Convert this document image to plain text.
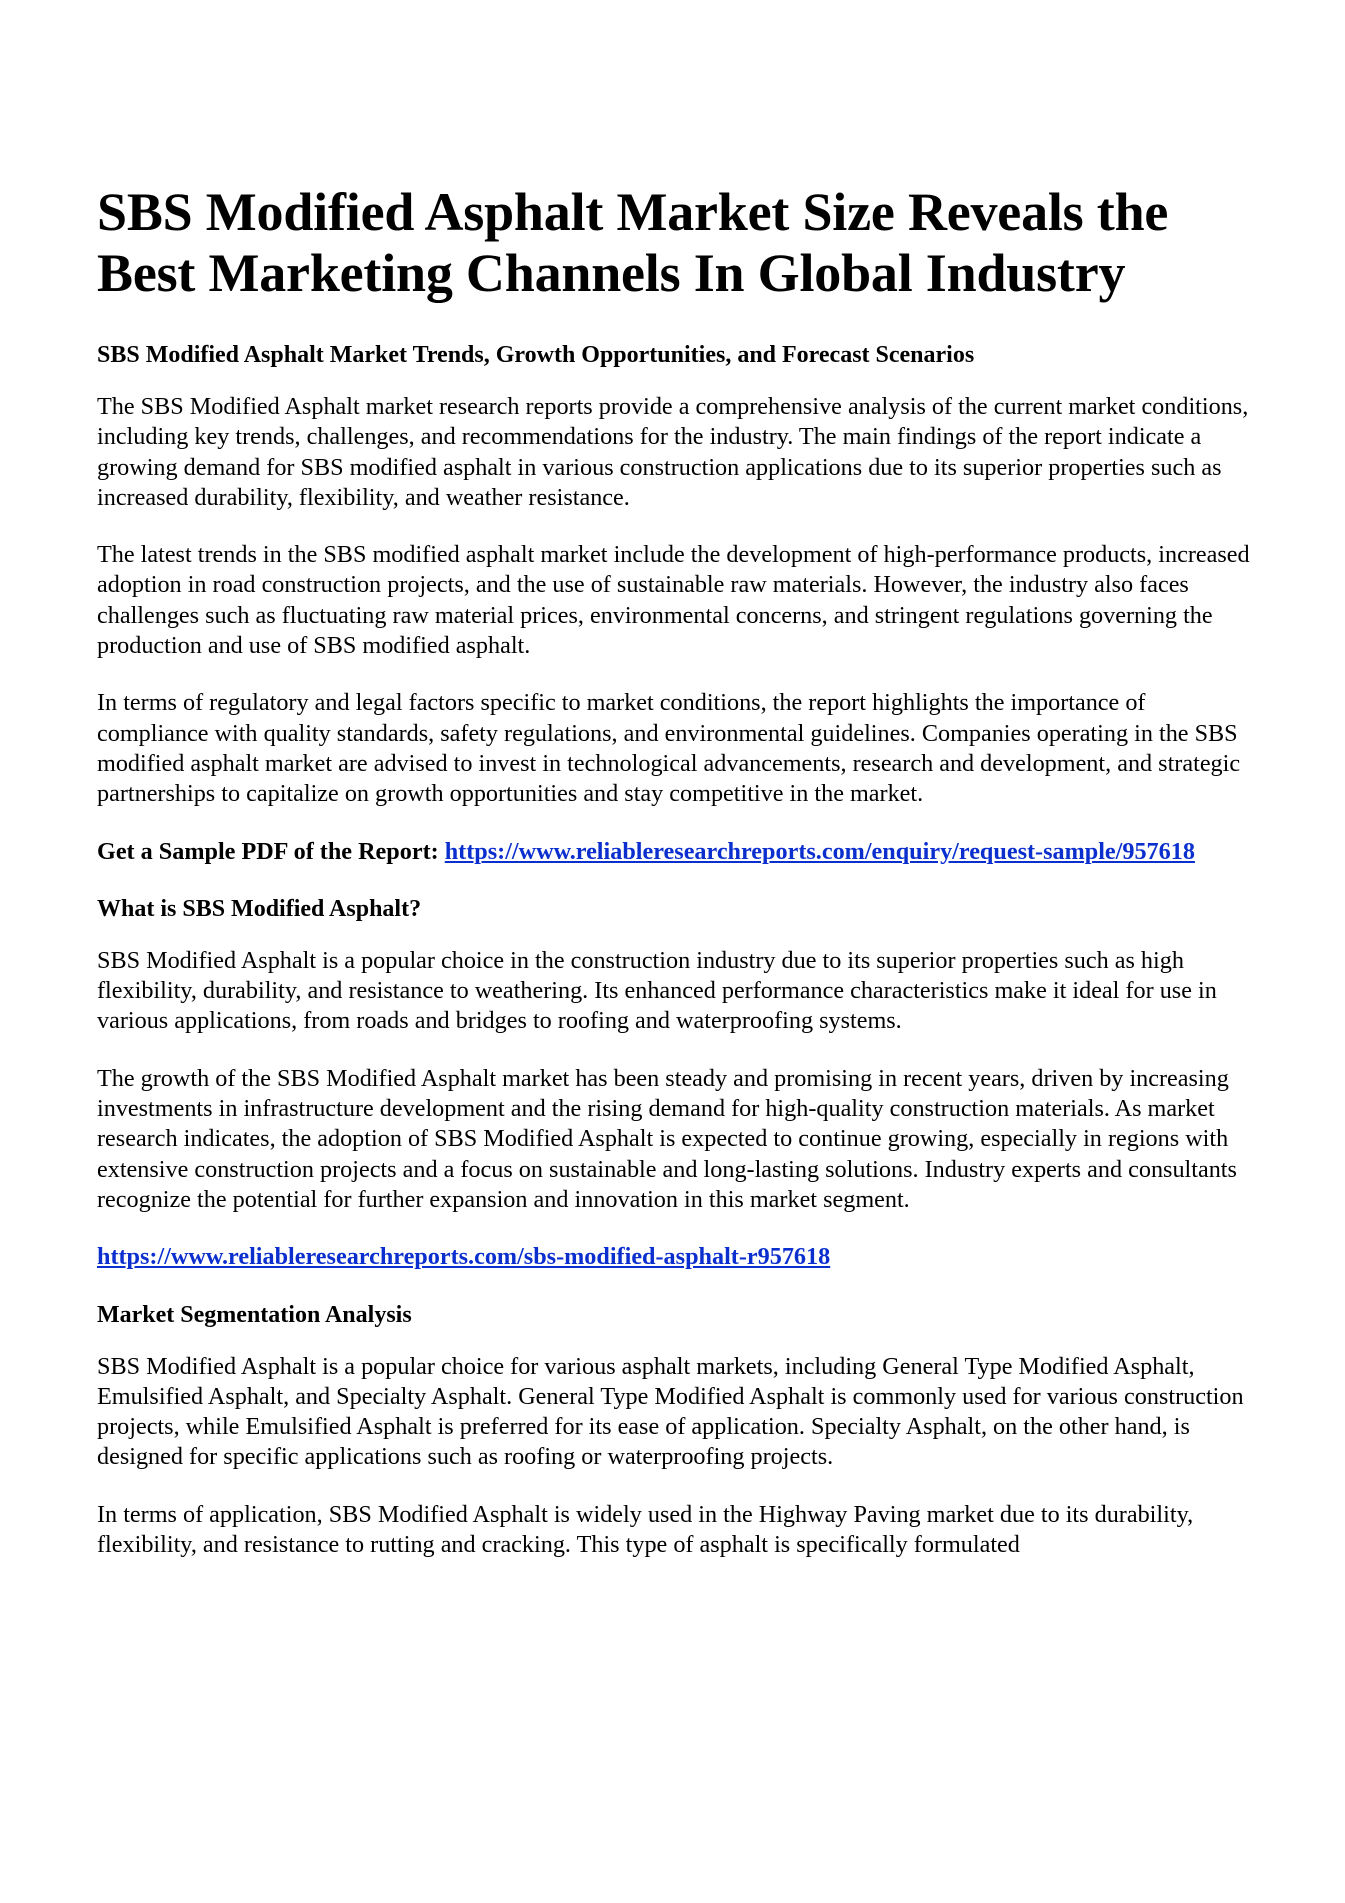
SBS Modified Asphalt Market Size Reveals the Best Marketing Channels In Global Industry
SBS Modified Asphalt Market Trends, Growth Opportunities, and Forecast Scenarios

The SBS Modified Asphalt market research reports provide a comprehensive analysis of the current market conditions, including key trends, challenges, and recommendations for the industry. The main findings of the report indicate a growing demand for SBS modified asphalt in various construction applications due to its superior properties such as increased durability, flexibility, and weather resistance.

The latest trends in the SBS modified asphalt market include the development of high-performance products, increased adoption in road construction projects, and the use of sustainable raw materials. However, the industry also faces challenges such as fluctuating raw material prices, environmental concerns, and stringent regulations governing the production and use of SBS modified asphalt.

In terms of regulatory and legal factors specific to market conditions, the report highlights the importance of compliance with quality standards, safety regulations, and environmental guidelines. Companies operating in the SBS modified asphalt market are advised to invest in technological advancements, research and development, and strategic partnerships to capitalize on growth opportunities and stay competitive in the market.

Get a Sample PDF of the Report: https://www.reliableresearchreports.com/enquiry/request-sample/957618

What is SBS Modified Asphalt?

SBS Modified Asphalt is a popular choice in the construction industry due to its superior properties such as high flexibility, durability, and resistance to weathering. Its enhanced performance characteristics make it ideal for use in various applications, from roads and bridges to roofing and waterproofing systems.

The growth of the SBS Modified Asphalt market has been steady and promising in recent years, driven by increasing investments in infrastructure development and the rising demand for high-quality construction materials. As market research indicates, the adoption of SBS Modified Asphalt is expected to continue growing, especially in regions with extensive construction projects and a focus on sustainable and long-lasting solutions. Industry experts and consultants recognize the potential for further expansion and innovation in this market segment.

https://www.reliableresearchreports.com/sbs-modified-asphalt-r957618

Market Segmentation Analysis

SBS Modified Asphalt is a popular choice for various asphalt markets, including General Type Modified Asphalt, Emulsified Asphalt, and Specialty Asphalt. General Type Modified Asphalt is commonly used for various construction projects, while Emulsified Asphalt is preferred for its ease of application. Specialty Asphalt, on the other hand, is designed for specific applications such as roofing or waterproofing projects.

In terms of application, SBS Modified Asphalt is widely used in the Highway Paving market due to its durability, flexibility, and resistance to rutting and cracking. This type of asphalt is specifically formulated
